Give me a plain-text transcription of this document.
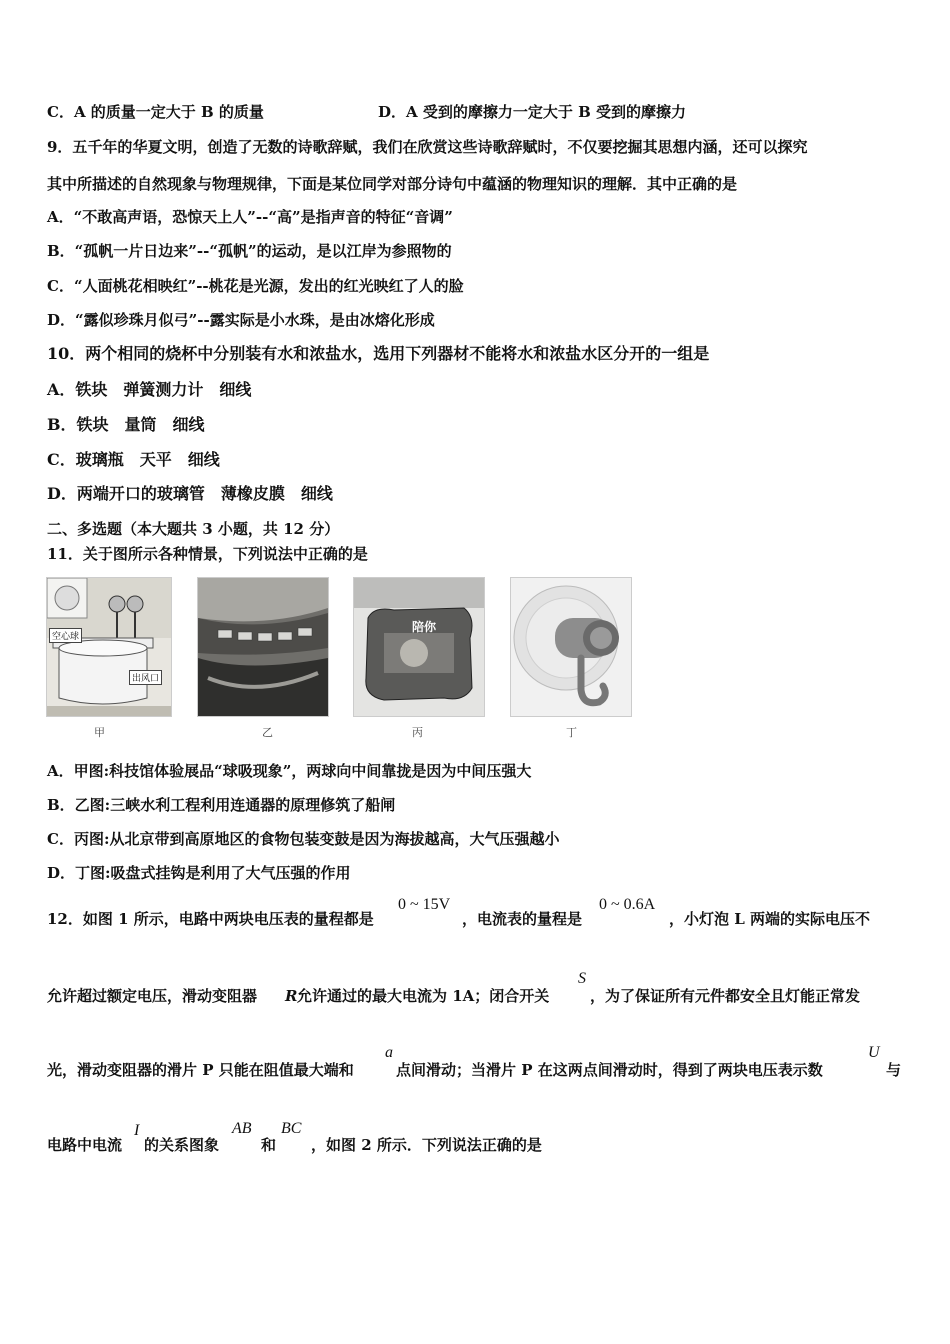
C．A 的质量一定大于 B 的质量	D．A 受到的摩擦力一定大于 B 受到的摩擦力
9．五千年的华夏文明，创造了无数的诗歌辞赋，我们在欣赏这些诗歌辞赋时，不仅要挖掘其思想内涵，还可以探究
其中所描述的自然现象与物理规律，下面是某位同学对部分诗句中蕴涵的物理知识的理解．其中正确的是
A．“不敢高声语，恐惊天上人”--“高”是指声音的特征“音调”
B．“孤帆一片日边来”--“孤帆”的运动，是以江岸为参照物的
C．“人面桃花相映红”--桃花是光源，发出的红光映红了人的脸
D．“露似珍珠月似弓”--露实际是小水珠，是由冰熔化形成
10．两个相同的烧杯中分别装有水和浓盐水，选用下列器材不能将水和浓盐水区分开的一组是
A．铁块　弹簧测力计　细线
B．铁块　量筒　细线
C．玻璃瓶　天平　细线
D．两端开口的玻璃管　薄橡皮膜　细线
二、多选题（本大题共 3 小题，共 12 分）
11．关于图所示各种情景，下列说法中正确的是
空心球
出风口
陪你
甲	乙	丙	丁
A．甲图:科技馆体验展品“球吸现象”，两球向中间靠拢是因为中间压强大
B．乙图:三峡水利工程利用连通器的原理修筑了船闸
C．丙图:从北京带到高原地区的食物包装变鼓是因为海拔越高，大气压强越小
D．丁图:吸盘式挂钩是利用了大气压强的作用
12．如图 1 所示，电路中两块电压表的量程都是
0 ~ 15V
，电流表的量程是
0 ~ 0.6A
，小灯泡 L 两端的实际电压不
允许超过额定电压，滑动变阻器 R 允许通过的最大电流为 1A；闭合开关
S
，为了保证所有元件都安全且灯能正常发
光，滑动变阻器的滑片 P 只能在阻值最大端和
a
点间滑动；当滑片 P 在这两点间滑动时，得到了两块电压表示数
U
与
电路中电流
I
的关系图象
AB
和
BC
，如图 2 所示．下列说法正确的是
